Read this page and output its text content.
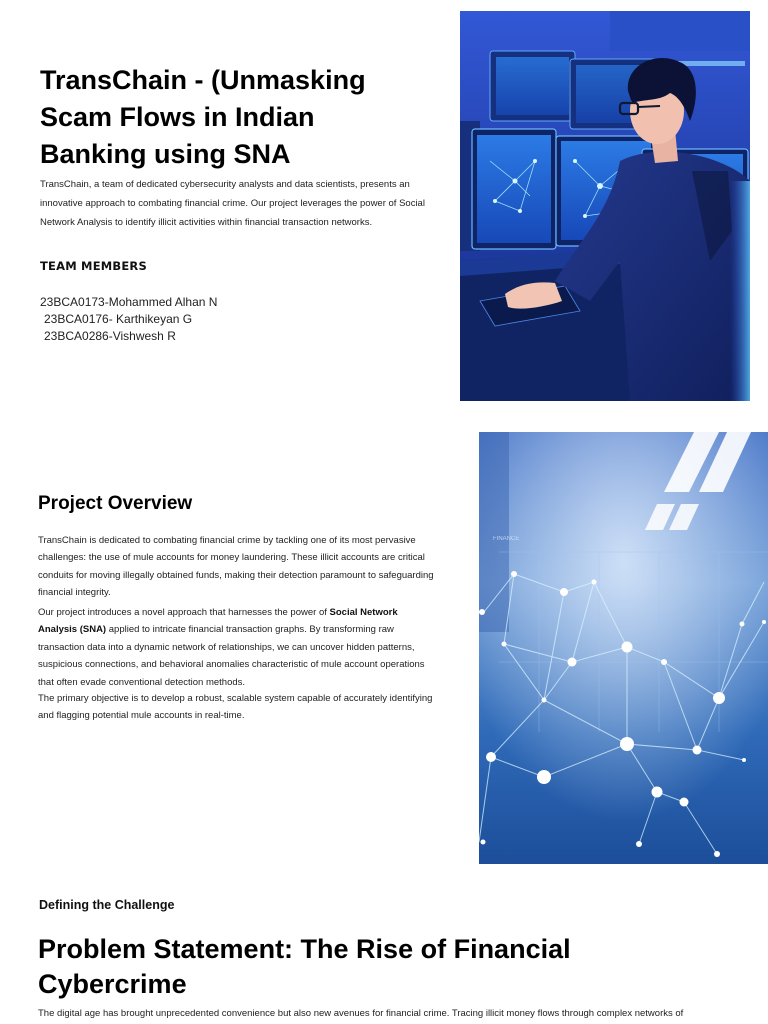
TransChain - (Unmasking Scam Flows in Indian Banking using SNA

TransChain, a team of dedicated cybersecurity analysts and data scientists, presents an innovative approach to combating financial crime. Our project leverages the power of Social Network Analysis to identify illicit activities within financial transaction networks.

TEAM MEMBERS
23BCA0173-Mohammed Alhan N
23BCA0176- Karthikeyan G
23BCA0286-Vishwesh R
Project Overview

TransChain is dedicated to combating financial crime by tackling one of its most pervasive challenges: the use of mule accounts for money laundering. These illicit accounts are critical conduits for moving illegally obtained funds, making their detection paramount to safeguarding financial integrity.

Our project introduces a novel approach that harnesses the power of Social Network Analysis (SNA) applied to intricate financial transaction graphs. By transforming raw transaction data into a dynamic network of relationships, we can uncover hidden patterns, suspicious connections, and behavioral anomalies characteristic of mule account operations that often evade conventional detection methods.

The primary objective is to develop a robust, scalable system capable of accurately identifying and flagging potential mule accounts in real-time.

FINANCE

Defining the Challenge

Problem Statement: The Rise of Financial Cybercrime

The digital age has brought unprecedented convenience but also new avenues for financial crime. Tracing illicit money flows through complex networks of
